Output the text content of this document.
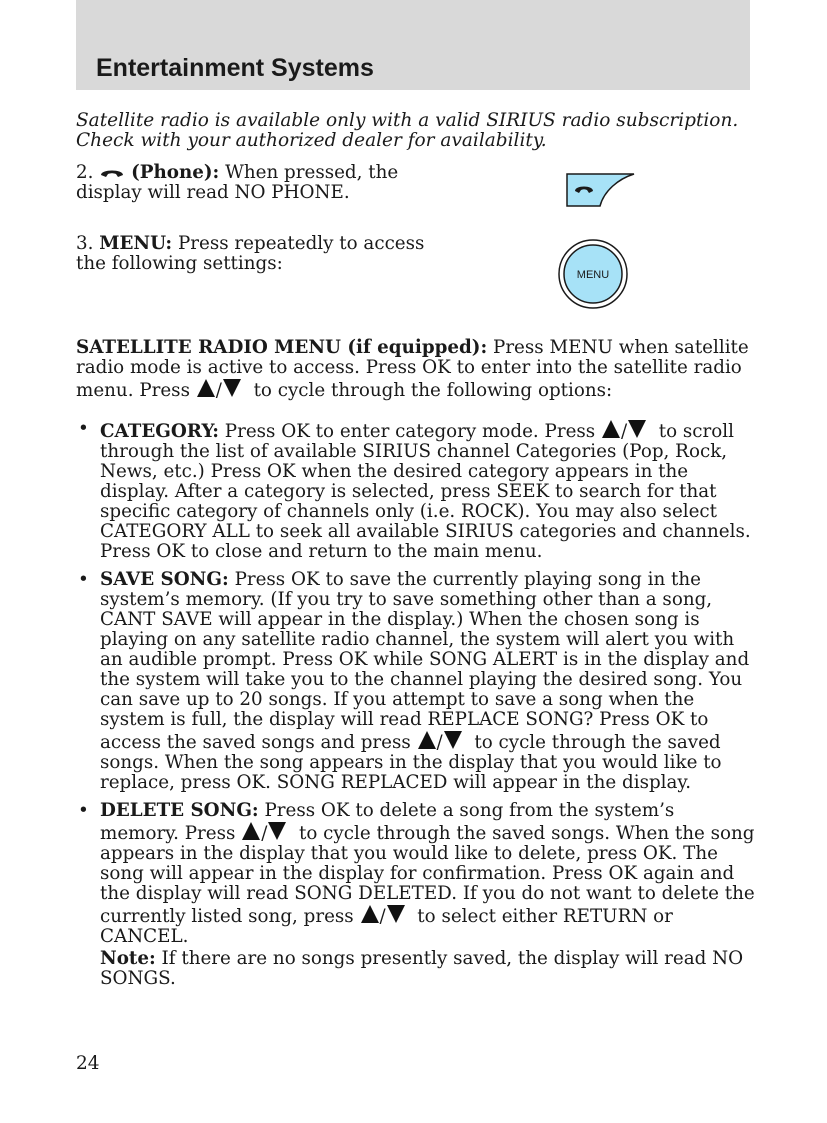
Entertainment Systems
Satellite radio is available only with a valid SIRIUS radio subscription. Check with your authorized dealer for availability.
2. (Phone): When pressed, the display will read NO PHONE.
3. MENU: Press repeatedly to access the following settings:
MENU
SATELLITE RADIO MENU (if equipped): Press MENU when satellite radio mode is active to access. Press OK to enter into the satellite radio menu. Press / to cycle through the following options:
• CATEGORY: Press OK to enter category mode. Press / to scroll through the list of available SIRIUS channel Categories (Pop, Rock, News, etc.) Press OK when the desired category appears in the display. After a category is selected, press SEEK to search for that specific category of channels only (i.e. ROCK). You may also select CATEGORY ALL to seek all available SIRIUS categories and channels. Press OK to close and return to the main menu.
• SAVE SONG: Press OK to save the currently playing song in the system’s memory. (If you try to save something other than a song, CANT SAVE will appear in the display.) When the chosen song is playing on any satellite radio channel, the system will alert you with an audible prompt. Press OK while SONG ALERT is in the display and the system will take you to the channel playing the desired song. You can save up to 20 songs. If you attempt to save a song when the system is full, the display will read REPLACE SONG? Press OK to access the saved songs and press / to cycle through the saved songs. When the song appears in the display that you would like to replace, press OK. SONG REPLACED will appear in the display.
• DELETE SONG: Press OK to delete a song from the system’s memory. Press / to cycle through the saved songs. When the song appears in the display that you would like to delete, press OK. The song will appear in the display for confirmation. Press OK again and the display will read SONG DELETED. If you do not want to delete the currently listed song, press / to select either RETURN or CANCEL.
Note: If there are no songs presently saved, the display will read NO SONGS.
24
